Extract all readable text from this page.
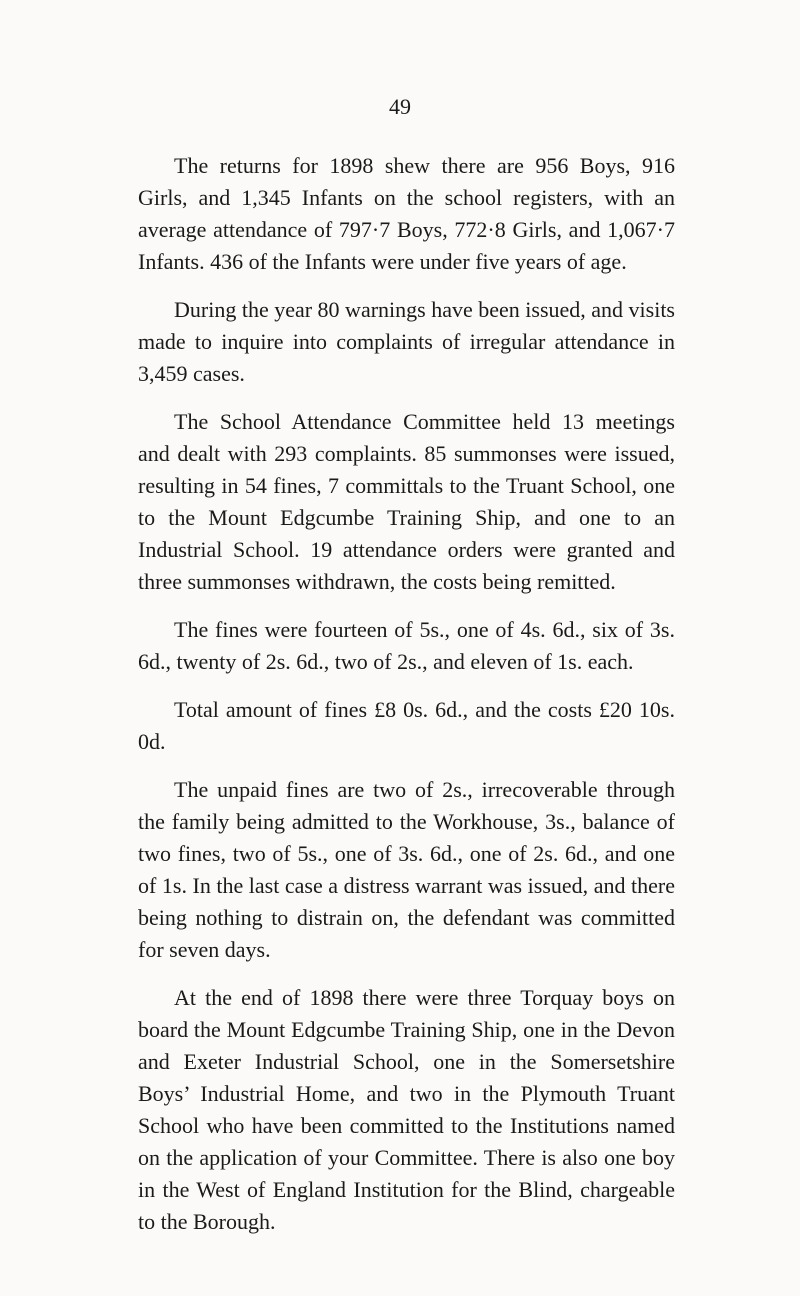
49

The returns for 1898 shew there are 956 Boys, 916 Girls, and 1,345 Infants on the school registers, with an average attendance of 797·7 Boys, 772·8 Girls, and 1,067·7 Infants. 436 of the Infants were under five years of age.

During the year 80 warnings have been issued, and visits made to inquire into complaints of irregular attendance in 3,459 cases.

The School Attendance Committee held 13 meetings and dealt with 293 complaints. 85 summonses were issued, resulting in 54 fines, 7 committals to the Truant School, one to the Mount Edgcumbe Training Ship, and one to an Industrial School. 19 attendance orders were granted and three summonses withdrawn, the costs being remitted.

The fines were fourteen of 5s., one of 4s. 6d., six of 3s. 6d., twenty of 2s. 6d., two of 2s., and eleven of 1s. each.

Total amount of fines £8 0s. 6d., and the costs £20 10s. 0d.

The unpaid fines are two of 2s., irrecoverable through the family being admitted to the Workhouse, 3s., balance of two fines, two of 5s., one of 3s. 6d., one of 2s. 6d., and one of 1s. In the last case a distress warrant was issued, and there being nothing to distrain on, the defendant was committed for seven days.

At the end of 1898 there were three Torquay boys on board the Mount Edgcumbe Training Ship, one in the Devon and Exeter Industrial School, one in the Somersetshire Boys’ Industrial Home, and two in the Plymouth Truant School who have been committed to the Institutions named on the application of your Committee. There is also one boy in the West of England Institution for the Blind, chargeable to the Borough.
